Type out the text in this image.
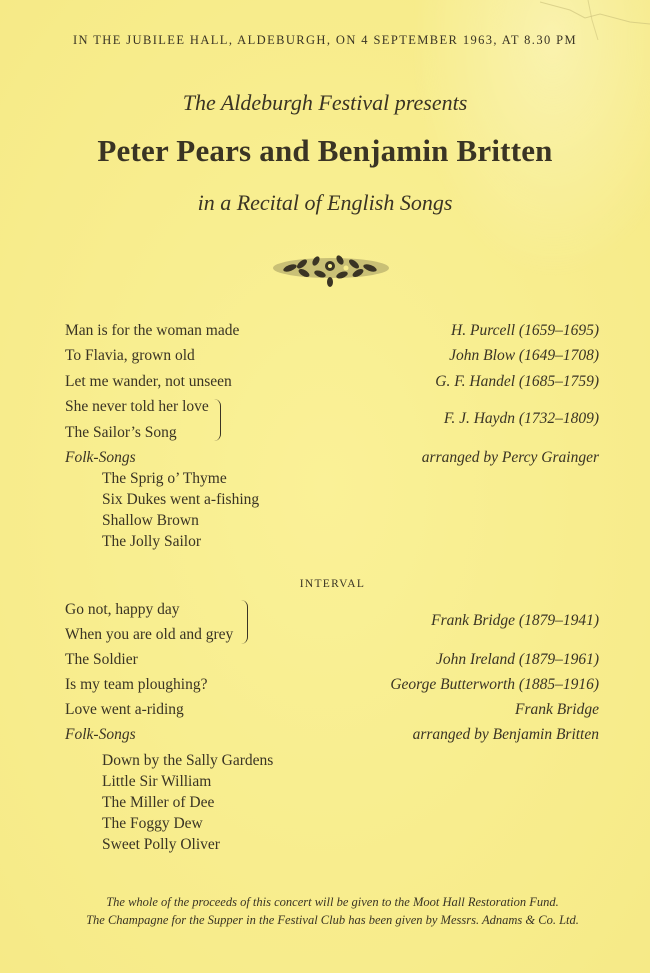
IN THE JUBILEE HALL, ALDEBURGH, ON 4 SEPTEMBER 1963, AT 8.30 PM
The Aldeburgh Festival presents
Peter Pears and Benjamin Britten
in a Recital of English Songs
Man is for the woman made	H. Purcell (1659–1695)
To Flavia, grown old	John Blow (1649–1708)
Let me wander, not unseen	G. F. Handel (1685–1759)
She never told her love
The Sailor’s Song
F. J. Haydn (1732–1809)
Folk-Songs	arranged by Percy Grainger
The Sprig o’ Thyme
Six Dukes went a-fishing
Shallow Brown
The Jolly Sailor
INTERVAL
Go not, happy day
When you are old and grey
Frank Bridge (1879–1941)
The Soldier	John Ireland (1879–1961)
Is my team ploughing?	George Butterworth (1885–1916)
Love went a-riding	Frank Bridge
Folk-Songs	arranged by Benjamin Britten
Down by the Sally Gardens
Little Sir William
The Miller of Dee
The Foggy Dew
Sweet Polly Oliver
The whole of the proceeds of this concert will be given to the Moot Hall Restoration Fund.
The Champagne for the Supper in the Festival Club has been given by Messrs. Adnams & Co. Ltd.
